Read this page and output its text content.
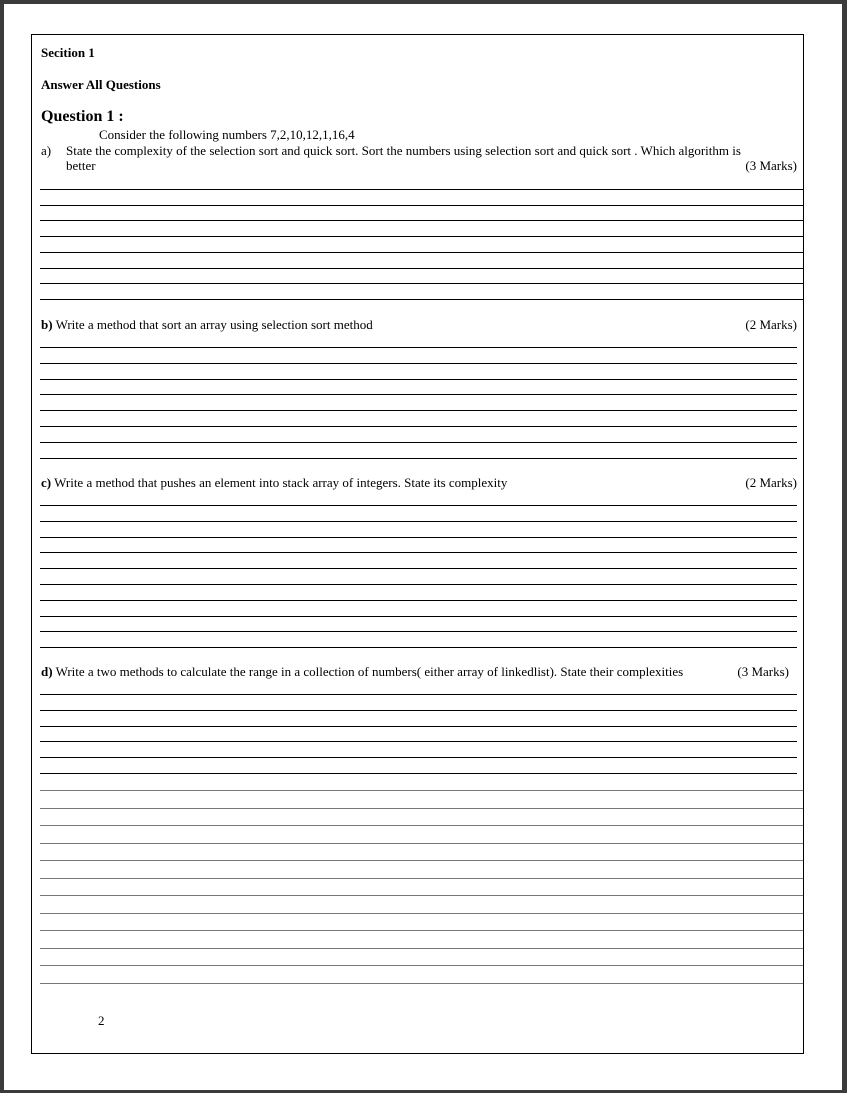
Secition 1
Answer All Questions
Question 1 :
Consider the following numbers 7,2,10,12,1,16,4
a) State the complexity of the selection sort and quick sort. Sort the numbers using selection sort and quick sort . Which algorithm is
better	(3 Marks)
b) Write a method that sort an array using selection sort method	(2 Marks)
c) Write a method that pushes an element into stack array of integers. State its complexity	(2 Marks)
d) Write a two methods to calculate the range in a collection of numbers( either array of linkedlist). State their complexities	(3 Marks)
2
